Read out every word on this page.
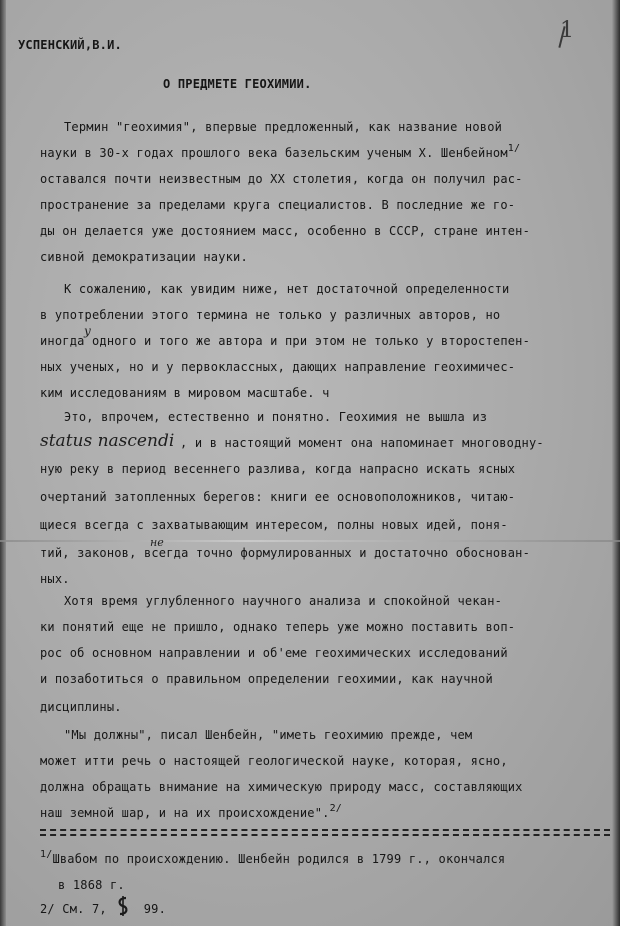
1
УСПЕНСКИЙ,В.И.
О ПРЕДМЕТЕ ГЕОХИМИИ.
Термин "геохимия", впервые предложенный, как название новой
науки в 30-х годах прошлого века базельским ученым Х. Шенбейном$^{1/}$
оставался почти неизвестным до XX столетия, когда он получил рас-
пространение за пределами круга специалистов. В последние же го-
ды он делается уже достоянием масс, особенно в СССР, стране интен-
сивной демократизации науки.
К сожалению, как увидим ниже, нет достаточной определенности
в употреблении этого термина не только у различных авторов, но
у
иногда одного и того же автора и при этом не только у второстепен-
ных ученых, но и у первоклассных, дающих направление геохимичес-
ким исследованиям в мировом масштабе. ч
Это, впрочем, естественно и понятно. Геохимия не вышла из
status nascendi , и в настоящий момент она напоминает многоводну-
ную реку в период весеннего разлива, когда напрасно искать ясных
очертаний затопленных берегов: книги ее основоположников, читаю-
щиеся всегда с захватывающим интересом, полны новых идей, поня-
не
тий, законов, всегда точно формулированных и достаточно обоснован-
ных.
Хотя время углубленного научного анализа и спокойной чекан-
ки понятий еще не пришло, однако теперь уже можно поставить воп-
рос об основном направлении и об'еме геохимических исследований
и позаботиться о правильном определении геохимии, как научной
дисциплины.
"Мы должны", писал Шенбейн, "иметь геохимию прежде, чем
может итти речь о настоящей геологической науке, которая, ясно,
должна обращать внимание на химическую природу масс, составляющих
наш земной шар, и на их происхождение".$^{2/}$
$^{1/}$Швабом по происхождению. Шенбейн родился в 1799 г., окончался
в 1868 г.
2/ См. 7,	99.
